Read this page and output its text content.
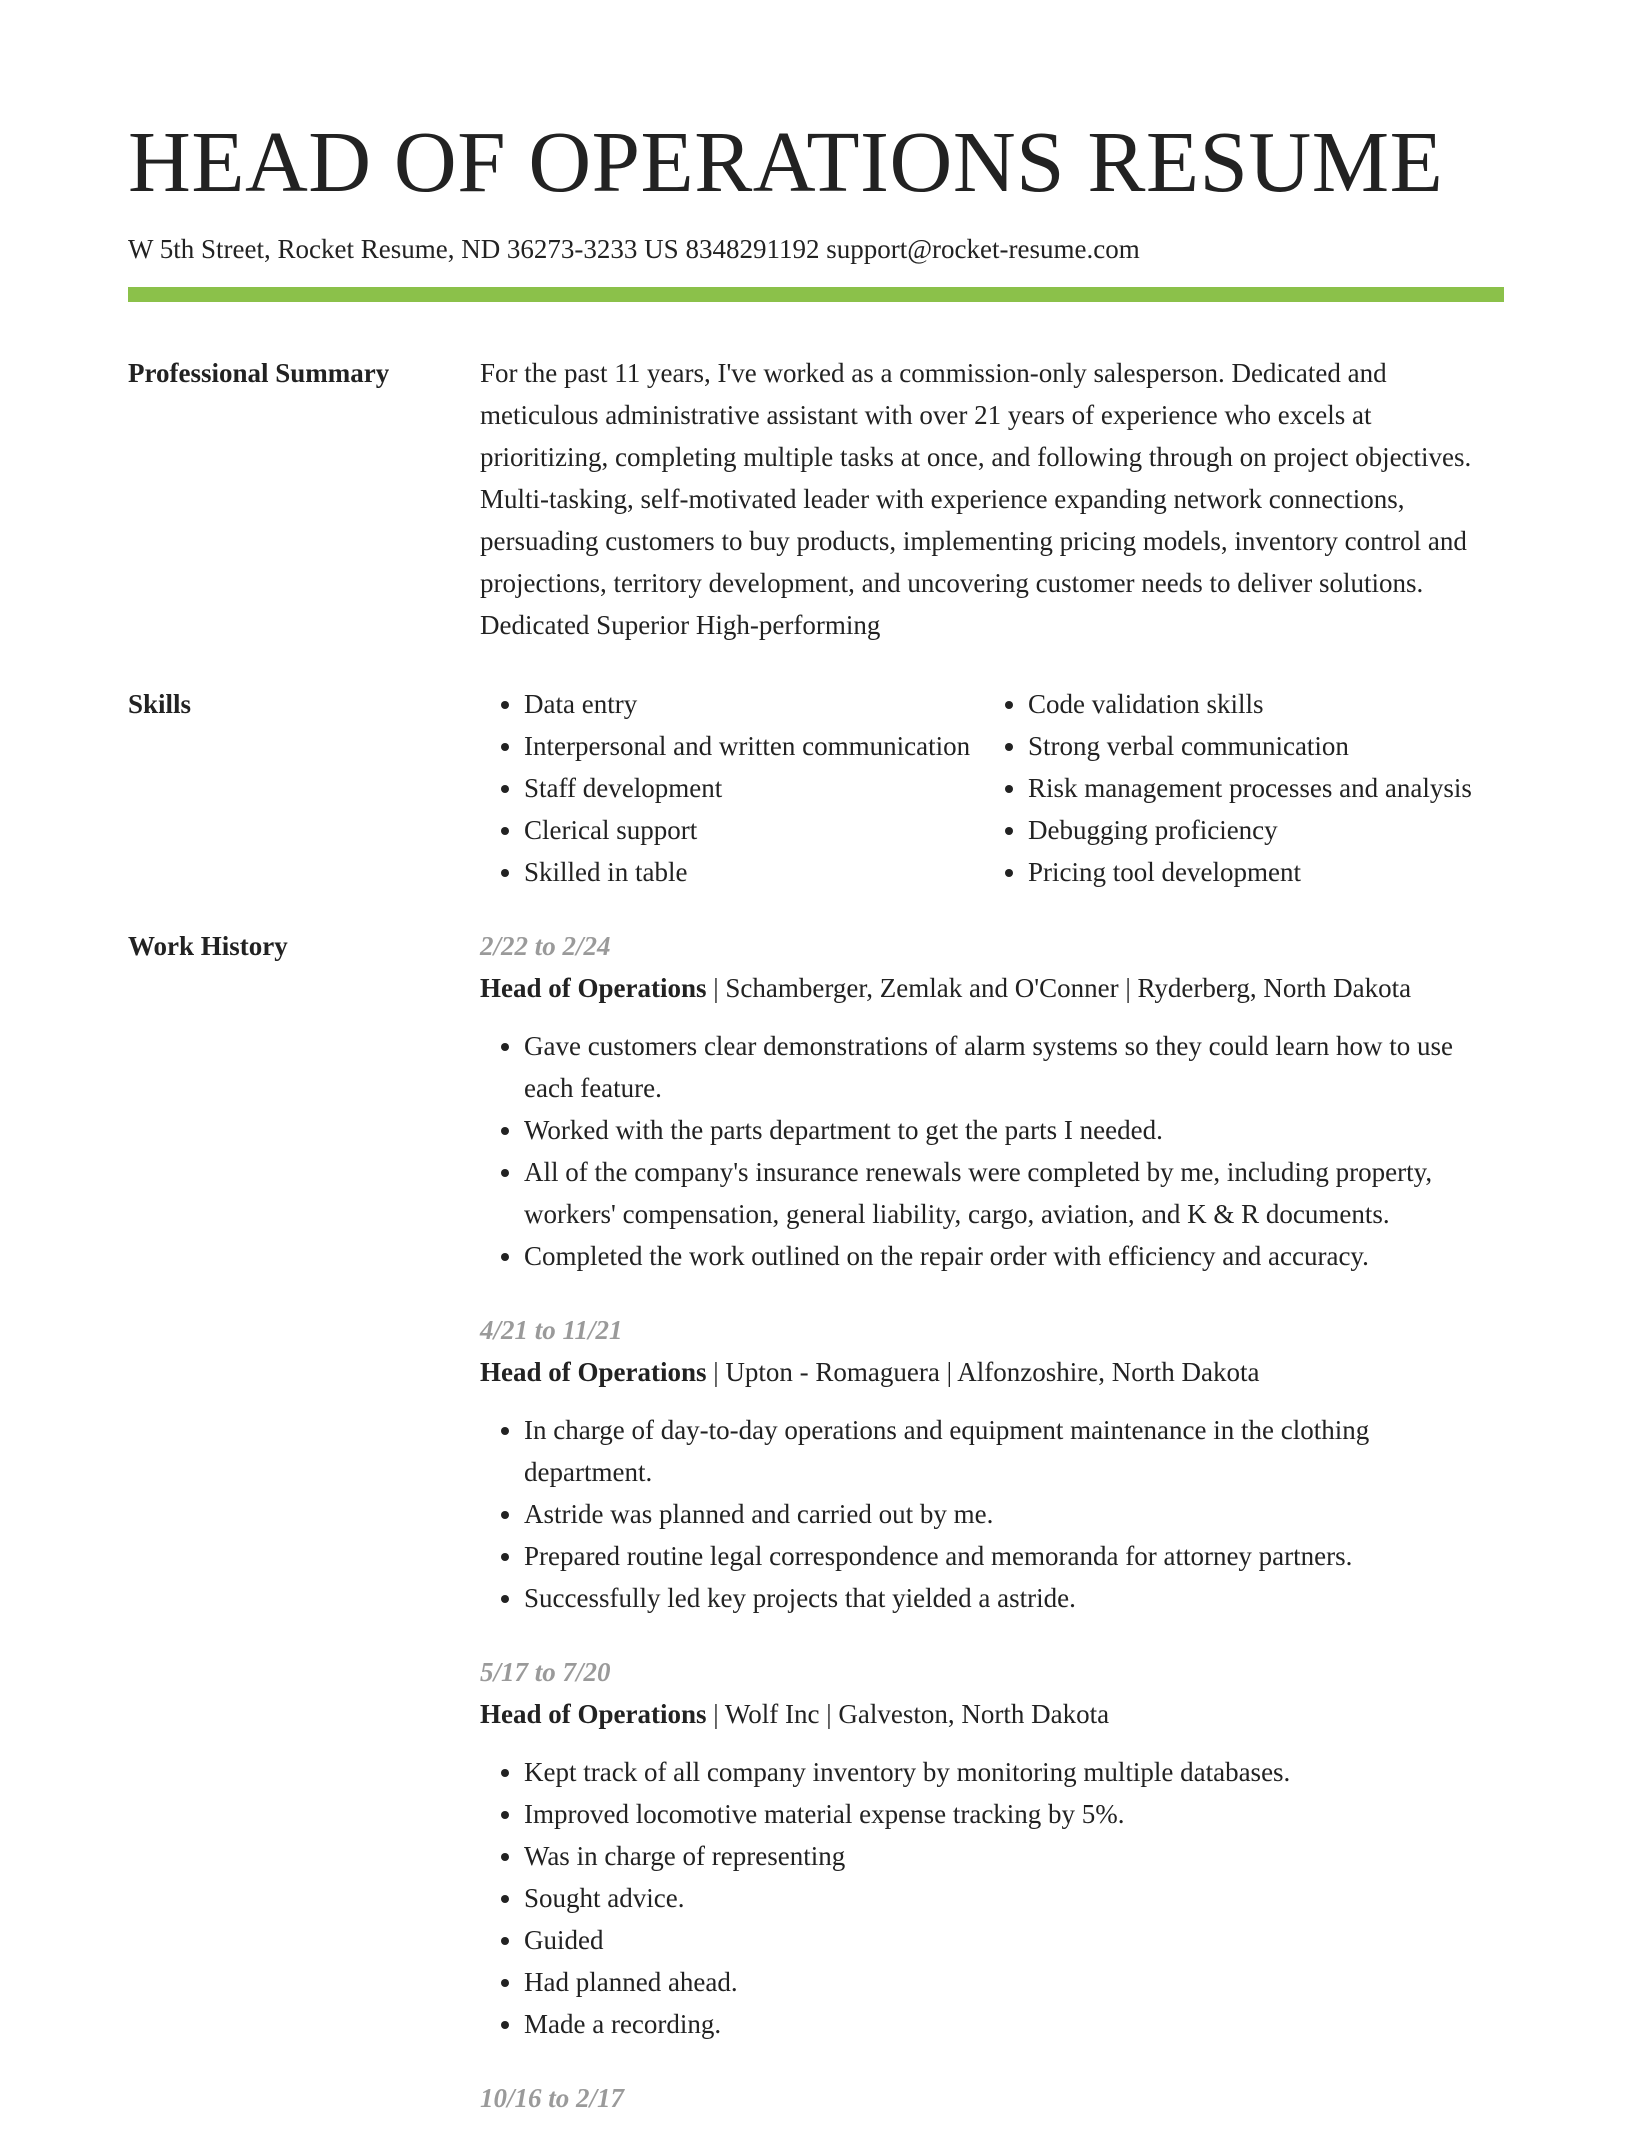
HEAD OF OPERATIONS RESUME
W 5th Street, Rocket Resume, ND 36273-3233 US 8348291192 support@rocket-resume.com
Professional Summary	For the past 11 years, I've worked as a commission-only salesperson. Dedicated and meticulous administrative assistant with over 21 years of experience who excels at prioritizing, completing multiple tasks at once, and following through on project objectives. Multi-tasking, self-motivated leader with experience expanding network connections, persuading customers to buy products, implementing pricing models, inventory control and projections, territory development, and uncovering customer needs to deliver solutions. Dedicated Superior High-performing

Skills
•	Data entry
• Interpersonal and written communication
• Staff development
• Clerical support
• Skilled in table
• Code validation skills
• Strong verbal communication
• Risk management processes and analysis
• Debugging proficiency
• Pricing tool development
Work History	2/22 to 2/24
Head of Operations | Schamberger, Zemlak and O'Conner | Ryderberg, North Dakota
• Gave customers clear demonstrations of alarm systems so they could learn how to use each feature.
• Worked with the parts department to get the parts I needed.
• All of the company's insurance renewals were completed by me, including property, workers' compensation, general liability, cargo, aviation, and K & R documents.
• Completed the work outlined on the repair order with efficiency and accuracy.
4/21 to 11/21
Head of Operations | Upton - Romaguera | Alfonzoshire, North Dakota
• In charge of day-to-day operations and equipment maintenance in the clothing department.
• Astride was planned and carried out by me.
• Prepared routine legal correspondence and memoranda for attorney partners.
• Successfully led key projects that yielded a astride.
5/17 to 7/20
Head of Operations | Wolf Inc | Galveston, North Dakota
• Kept track of all company inventory by monitoring multiple databases.
• Improved locomotive material expense tracking by 5%.
• Was in charge of representing
• Sought advice.
• Guided
• Had planned ahead.
• Made a recording.
10/16 to 2/17
